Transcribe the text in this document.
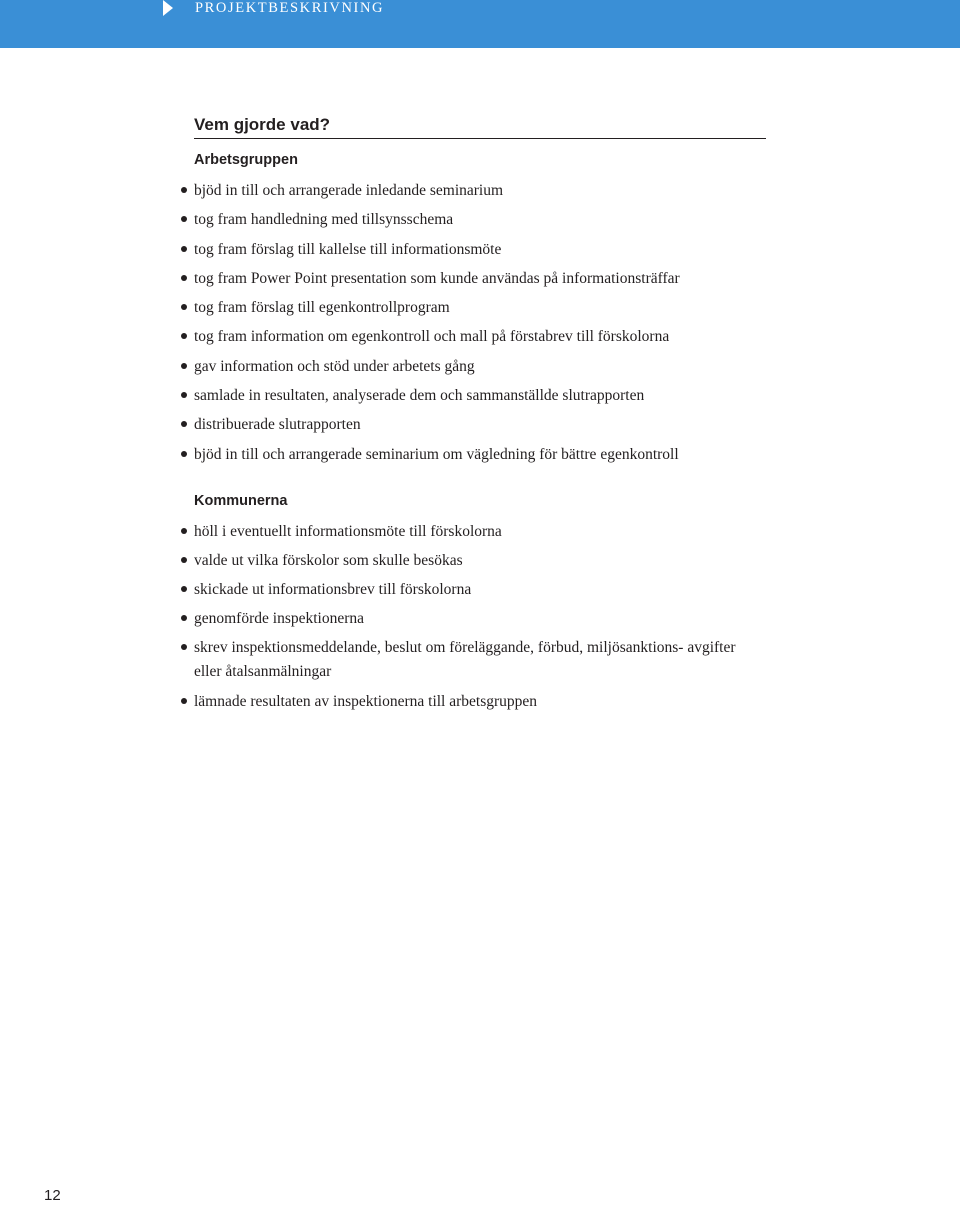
PROJEKTBESKRIVNING
Vem gjorde vad?
Arbetsgruppen
bjöd in till och arrangerade inledande seminarium
tog fram handledning med tillsynsschema
tog fram förslag till kallelse till informationsmöte
tog fram Power Point presentation som kunde användas på informationsträffar
tog fram förslag till egenkontrollprogram
tog fram information om egenkontroll och mall på förstabrev till förskolorna
gav information och stöd under arbetets gång
samlade in resultaten, analyserade dem och sammanställde slutrapporten
distribuerade slutrapporten
bjöd in till och arrangerade seminarium om vägledning för bättre egenkontroll
Kommunerna
höll i eventuellt informationsmöte till förskolorna
valde ut vilka förskolor som skulle besökas
skickade ut informationsbrev till förskolorna
genomförde inspektionerna
skrev inspektionsmeddelande, beslut om föreläggande, förbud, miljösanktions- avgifter eller åtalsanmälningar
lämnade resultaten av inspektionerna till arbetsgruppen
12
